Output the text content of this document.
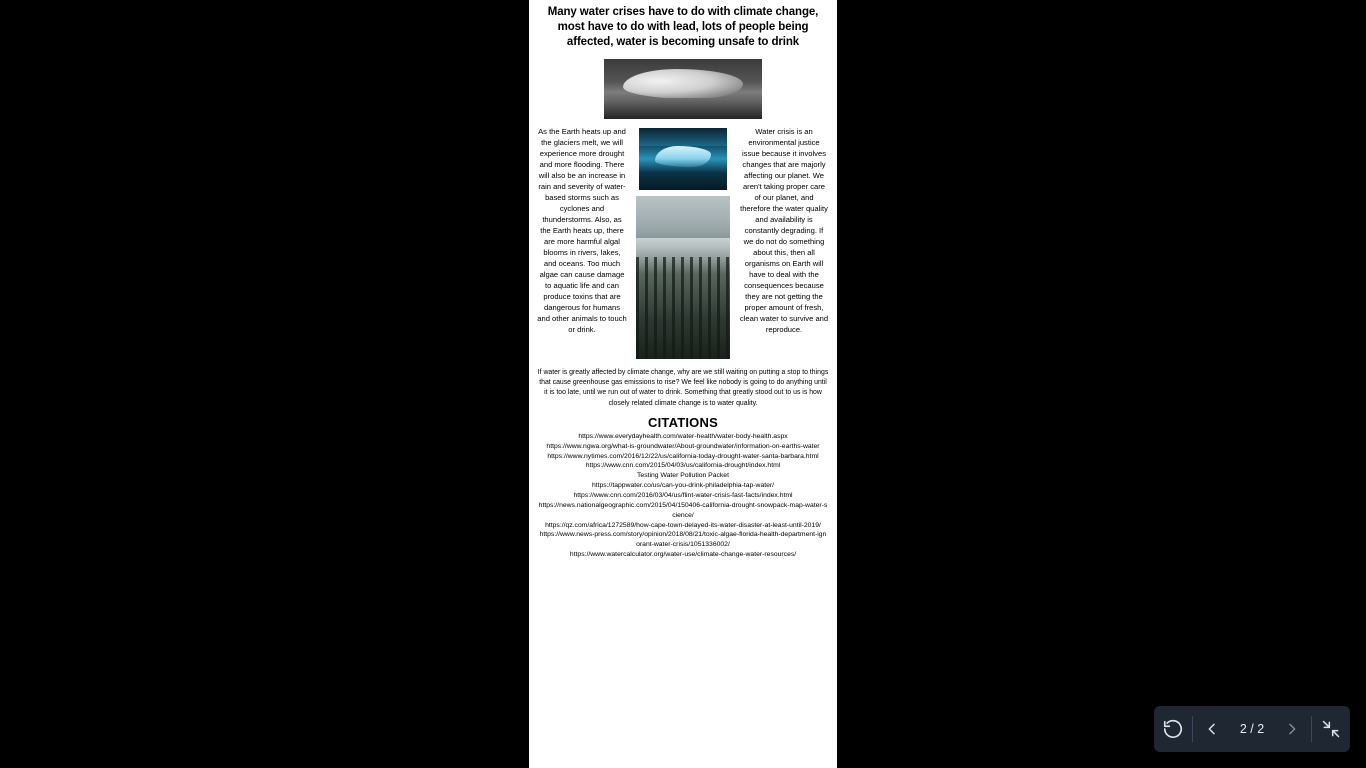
Many water crises have to do with climate change, most have to do with lead, lots of people being affected, water is becoming unsafe to drink
As the Earth heats up and the glaciers melt, we will experience more drought and more flooding. There will also be an increase in rain and severity of water-based storms such as cyclones and thunderstorms. Also, as the Earth heats up, there are more harmful algal blooms in rivers, lakes, and oceans. Too much algae can cause damage to aquatic life and can produce toxins that are dangerous for humans and other animals to touch or drink.
Water crisis is an environmental justice issue because it involves changes that are majorly affecting our planet. We aren't taking proper care of our planet, and therefore the water quality and availability is constantly degrading. If we do not do something about this, then all organisms on Earth will have to deal with the consequences because they are not getting the proper amount of fresh, clean water to survive and reproduce.
If water is greatly affected by climate change, why are we still waiting on putting a stop to things that cause greenhouse gas emissions to rise? We feel like nobody is going to do anything until it is too late, until we run out of water to drink. Something that greatly stood out to us is how closely related climate change is to water quality.
CITATIONS
https://www.everydayhealth.com/water-health/water-body-health.aspx
https://www.ngwa.org/what-is-groundwater/About-groundwater/information-on-earths-water
https://www.nytimes.com/2016/12/22/us/california-today-drought-water-santa-barbara.html
https://www.cnn.com/2015/04/03/us/california-drought/index.html
Testing Water Pollution Packet
https://tappwater.co/us/can-you-drink-philadelphia-tap-water/
https://www.cnn.com/2016/03/04/us/flint-water-crisis-fast-facts/index.html
https://news.nationalgeographic.com/2015/04/150406-california-drought-snowpack-map-water-science/
https://qz.com/africa/1272589/how-cape-town-delayed-its-water-disaster-at-least-until-2019/
https://www.news-press.com/story/opinion/2018/08/21/toxic-algae-florida-health-department-ignorant-water-crisis/1051336002/
https://www.watercalculator.org/water-use/climate-change-water-resources/
2 / 2
